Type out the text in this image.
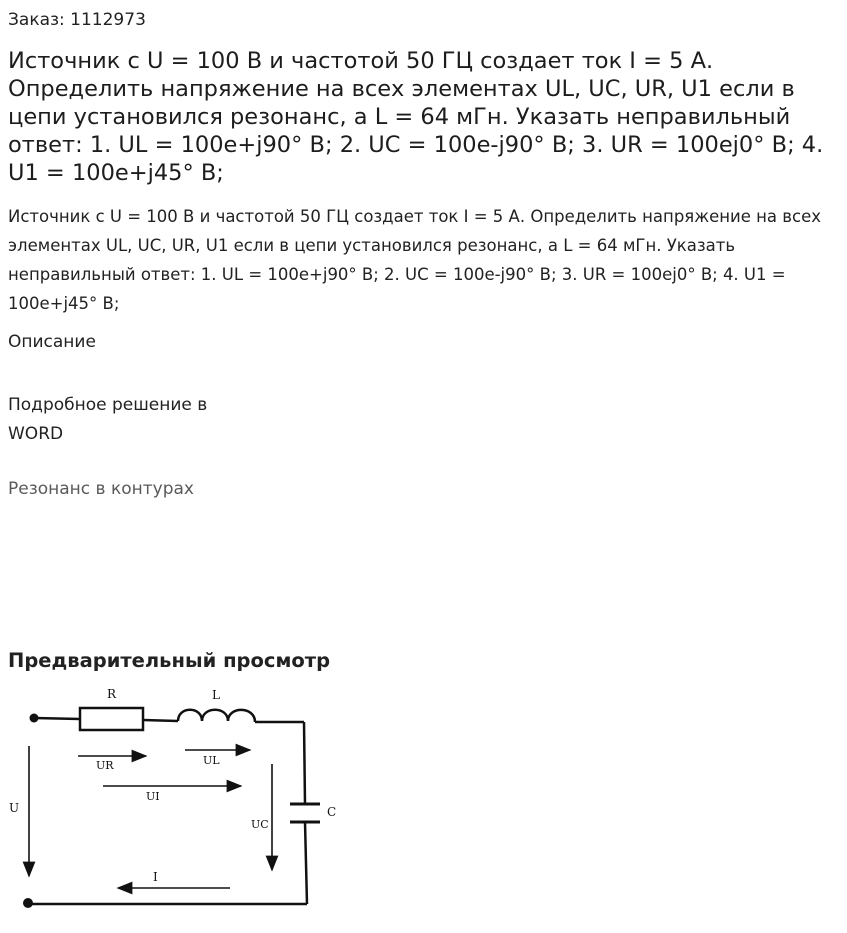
Заказ: 1112973
Источник с U = 100 В и частотой 50 ГЦ создает ток I = 5 А. Определить напряжение на всех элементах UL, UC, UR, U1 если в цепи установился резонанс, а L = 64 мГн. Указать неправильный ответ: 1. UL = 100e+j90° В; 2. UC = 100e-j90° В; 3. UR = 100ej0° В; 4. U1 = 100e+j45° В;

Источник с U = 100 В и частотой 50 ГЦ создает ток I = 5 А. Определить напряжение на всех элементах UL, UC, UR, U1 если в цепи установился резонанс, а L = 64 мГн. Указать неправильный ответ: 1. UL = 100e+j90° В; 2. UC = 100e-j90° В; 3. UR = 100ej0° В; 4. U1 = 100e+j45° В;

Описание
Подробное решение в WORD
Резонанс в контурах
Предварительный просмотр
R	L
C
U
UR	UL
UI
UC
I
